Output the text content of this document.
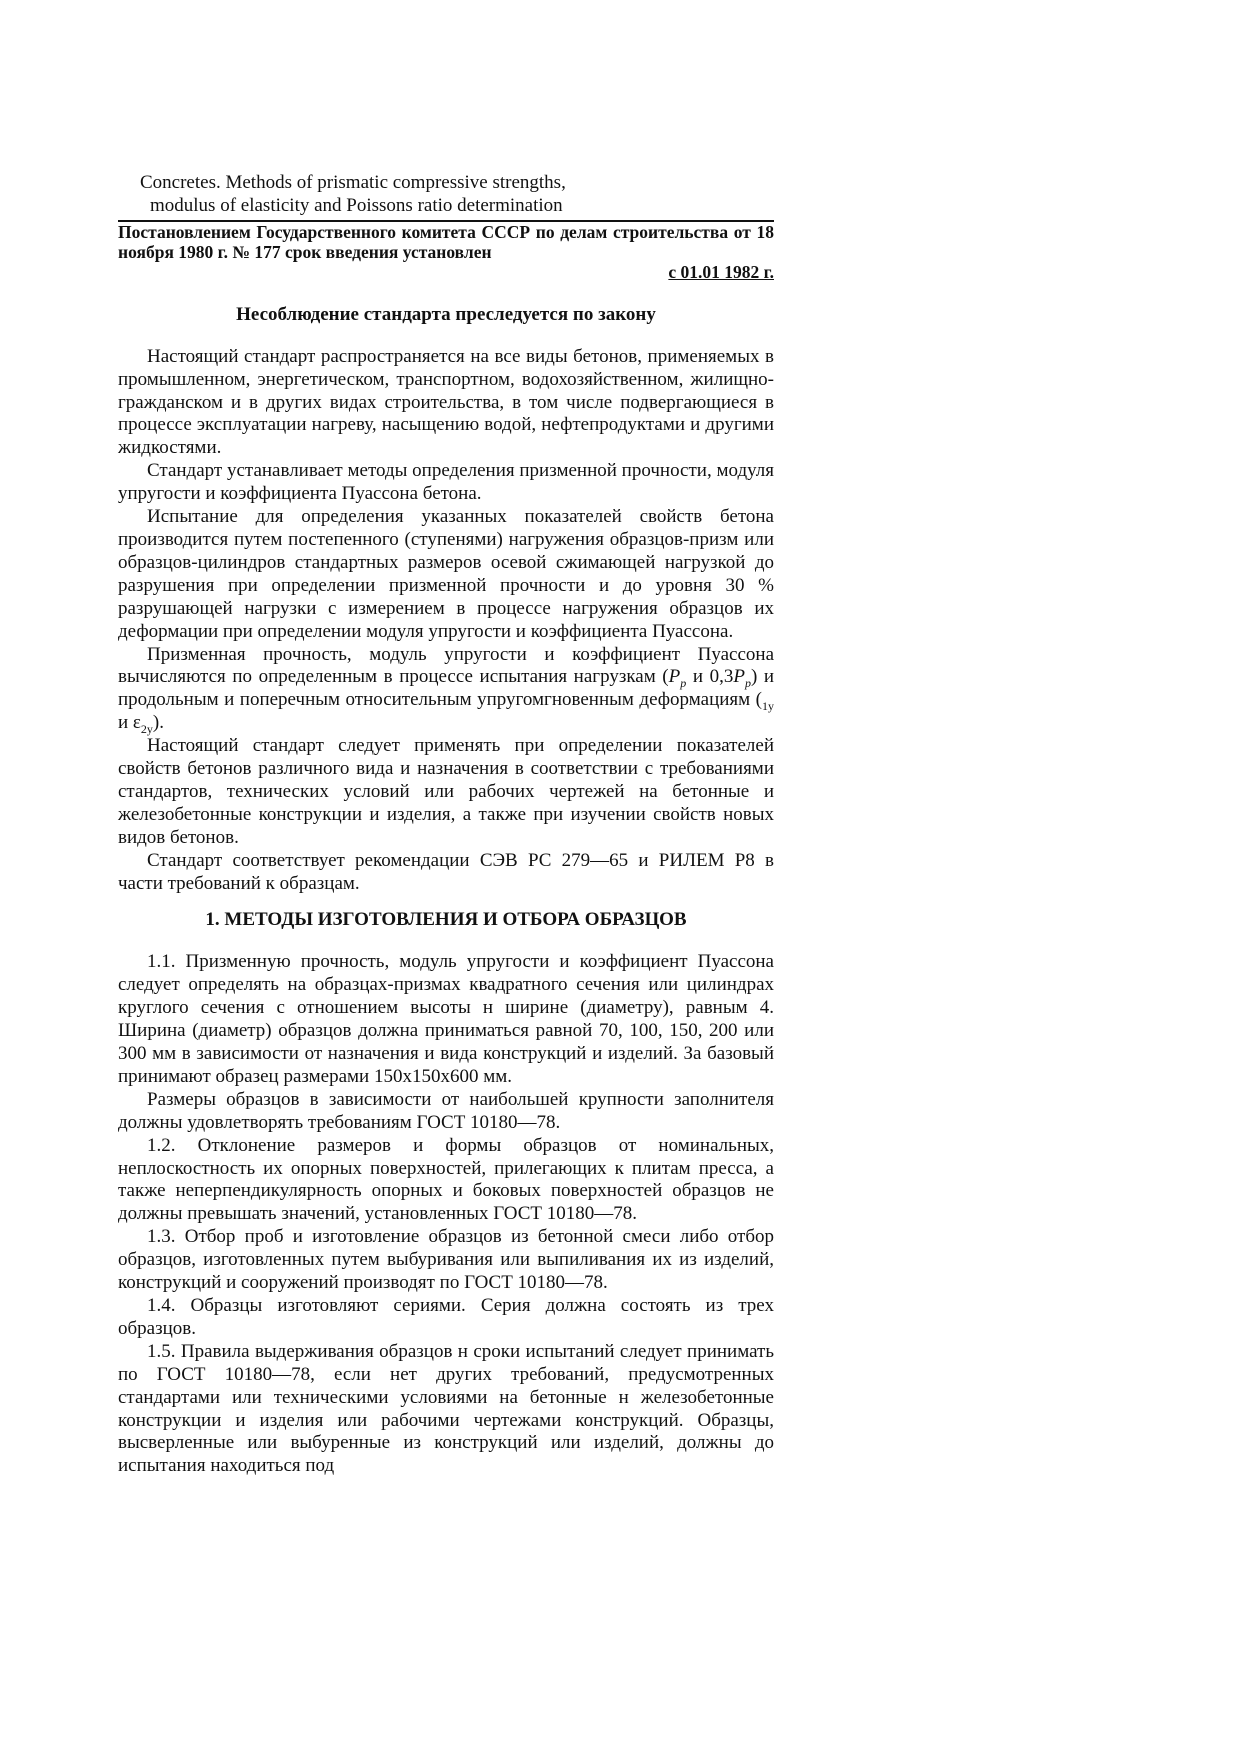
Concretes. Methods of prismatic compressive strengths,
modulus of elasticity and Poissons ratio determination
Постановлением Государственного комитета СССР по делам строительства от 18 ноября 1980 г. № 177 срок введения установлен
с 01.01 1982 г.
Несоблюдение стандарта преследуется по закону

Настоящий стандарт распространяется на все виды бетонов, применяемых в промышленном, энергетическом, транспортном, водохозяйственном, жилищно-гражданском и в других видах строительства, в том числе подвергающиеся в процессе эксплуатации нагреву, насыщению водой, нефтепродуктами и другими жидкостями.

Стандарт устанавливает методы определения призменной прочности, модуля упругости и коэффициента Пуассона бетона.

Испытание для определения указанных показателей свойств бетона производится путем постепенного (ступенями) нагружения образцов-призм или образцов-цилиндров стандартных размеров осевой сжимающей нагрузкой до разрушения при определении призменной прочности и до уровня 30 % разрушающей нагрузки с измерением в процессе нагружения образцов их деформации при определении модуля упругости и коэффициента Пуассона.

Призменная прочность, модуль упругости и коэффициент Пуассона вычисляются по определенным в процессе испытания нагрузкам ($P_p$ и $0,3P_p$) и продольным и поперечным относительным упругомгновенным деформациям ($_{1y}$ и $\varepsilon_{2y}$).

Настоящий стандарт следует применять при определении показателей свойств бетонов различного вида и назначения в соответствии с требованиями стандартов, технических условий или рабочих чертежей на бетонные и железобетонные конструкции и изделия, а также при изучении свойств новых видов бетонов.

Стандарт соответствует рекомендации СЭВ РС 279—65 и РИЛЕМ Р8 в части требований к образцам.

1. МЕТОДЫ ИЗГОТОВЛЕНИЯ И ОТБОРА ОБРАЗЦОВ

1.1. Призменную прочность, модуль упругости и коэффициент Пуассона следует определять на образцах-призмах квадратного сечения или цилиндрах круглого сечения с отношением высоты н ширине (диаметру), равным 4. Ширина (диаметр) образцов должна приниматься равной 70, 100, 150, 200 или 300 мм в зависимости от назначения и вида конструкций и изделий. За базовый принимают образец размерами 150x150x600 мм.

Размеры образцов в зависимости от наибольшей крупности заполнителя должны удовлетворять требованиям ГОСТ 10180—78.

1.2. Отклонение размеров и формы образцов от номинальных, неплоскостность их опорных поверхностей, прилегающих к плитам пресса, а также неперпендикулярность опорных и боковых поверхностей образцов не должны превышать значений, установленных ГОСТ 10180—78.

1.3. Отбор проб и изготовление образцов из бетонной смеси либо отбор образцов, изготовленных путем выбуривания или выпиливания их из изделий, конструкций и сооружений производят по ГОСТ 10180—78.

1.4. Образцы изготовляют сериями. Серия должна состоять из трех образцов.

1.5. Правила выдерживания образцов н сроки испытаний следует принимать по ГОСТ 10180—78, если нет других требований, предусмотренных стандартами или техническими условиями на бетонные н железобетонные конструкции и изделия или рабочими чертежами конструкций. Образцы, высверленные или выбуренные из конструкций или изделий, должны до испытания находиться под
